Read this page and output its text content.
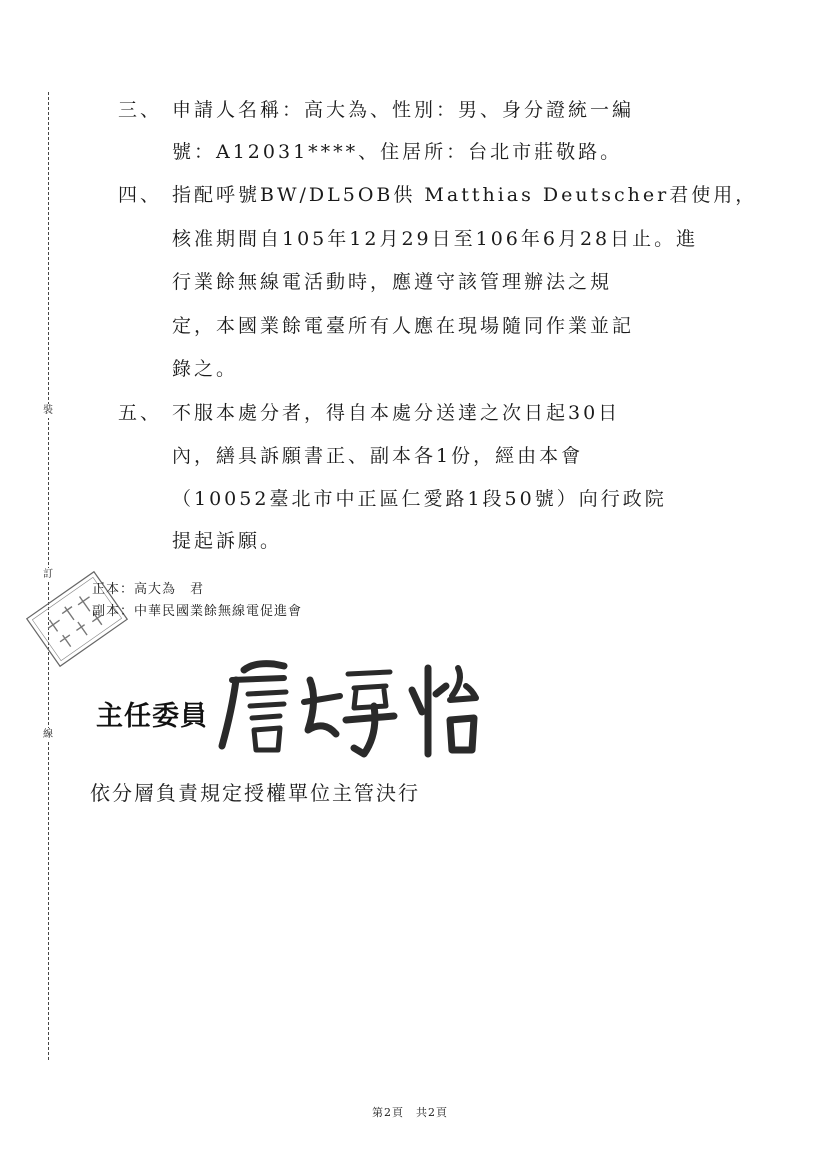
裝
訂
線
三、 申請人名稱：高大為、性別：男、身分證統一編
號：A12031****、住居所：台北市莊敬路。
四、 指配呼號BW/DL5OB供 Matthias Deutscher君使用，
核准期間自105年12月29日至106年6月28日止。進
行業餘無線電活動時，應遵守該管理辦法之規
定，本國業餘電臺所有人應在現場隨同作業並記
錄之。
五、 不服本處分者，得自本處分送達之次日起30日
內，繕具訴願書正、副本各1份，經由本會
（10052臺北市中正區仁愛路1段50號）向行政院
提起訴願。
正本：高大為　君
副本：中華民國業餘無線電促進會
主任委員
依分層負責規定授權單位主管決行
第2頁　共2頁
